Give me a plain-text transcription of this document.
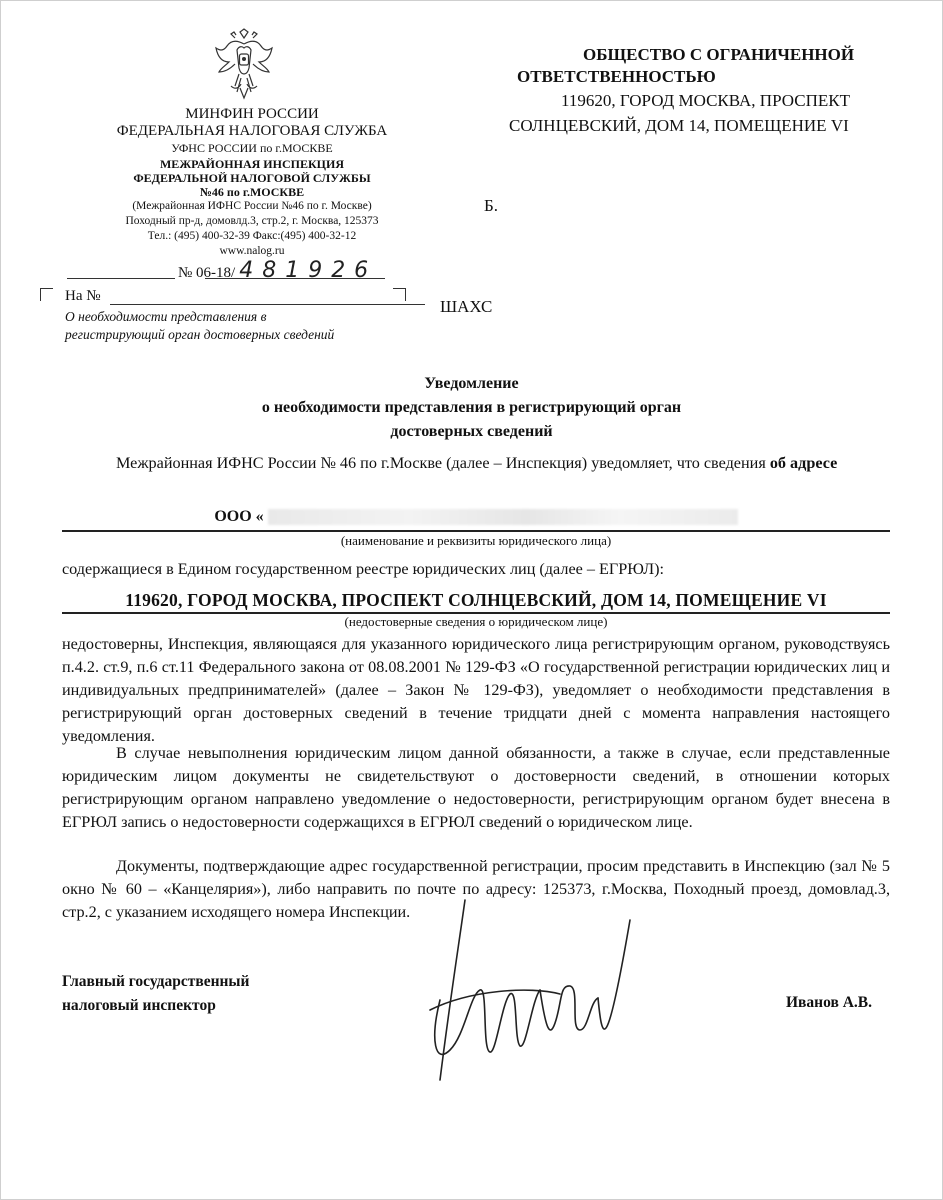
МИНФИН РОССИИ
ФЕДЕРАЛЬНАЯ НАЛОГОВАЯ СЛУЖБА
УФНС РОССИИ по г.МОСКВЕ
МЕЖРАЙОННАЯ ИНСПЕКЦИЯ
ФЕДЕРАЛЬНОЙ НАЛОГОВОЙ СЛУЖБЫ
№46 по г.МОСКВЕ
(Межрайонная ИФНС России №46 по г. Москве)
Походный пр-д, домовлд.3, стр.2, г. Москва, 125373
Тел.: (495) 400-32-39 Факс:(495) 400-32-12
www.nalog.ru
№ 06-18/ 4 8 1 9 2 6
На №
О необходимости представления в
регистрирующий орган достоверных сведений
ОБЩЕСТВО С ОГРАНИЧЕННОЙ
ОТВЕТСТВЕННОСТЬЮ
119620, ГОРОД МОСКВА, ПРОСПЕКТ
СОЛНЦЕВСКИЙ, ДОМ 14, ПОМЕЩЕНИЕ VI
Б.
ШАХС
Уведомление
о необходимости представления в регистрирующий орган
достоверных сведений
Межрайонная ИФНС России № 46 по г.Москве (далее – Инспекция) уведомляет, что сведения об адресе
ООО «
(наименование и реквизиты юридического лица)
содержащиеся в Едином государственном реестре юридических лиц (далее – ЕГРЮЛ):
119620, ГОРОД МОСКВА, ПРОСПЕКТ СОЛНЦЕВСКИЙ, ДОМ 14, ПОМЕЩЕНИЕ VI
(недостоверные сведения о юридическом лице)
недостоверны, Инспекция, являющаяся для указанного юридического лица регистрирующим органом, руководствуясь п.4.2. ст.9, п.6 ст.11 Федерального закона от 08.08.2001 № 129-ФЗ «О государственной регистрации юридических лиц и индивидуальных предпринимателей» (далее – Закон № 129-ФЗ), уведомляет о необходимости представления в регистрирующий орган достоверных сведений в течение тридцати дней с момента направления настоящего уведомления.
В случае невыполнения юридическим лицом данной обязанности, а также в случае, если представленные юридическим лицом документы не свидетельствуют о достоверности сведений, в отношении которых регистрирующим органом направлено уведомление о недостоверности, регистрирующим органом будет внесена в ЕГРЮЛ запись о недостоверности содержащихся в ЕГРЮЛ сведений о юридическом лице.
Документы, подтверждающие адрес государственной регистрации, просим представить в Инспекцию (зал № 5 окно № 60 – «Канцелярия»), либо направить по почте по адресу: 125373, г.Москва, Походный проезд, домовлад.3, стр.2, с указанием исходящего номера Инспекции.
Главный государственный
налоговый инспектор	Иванов А.В.
